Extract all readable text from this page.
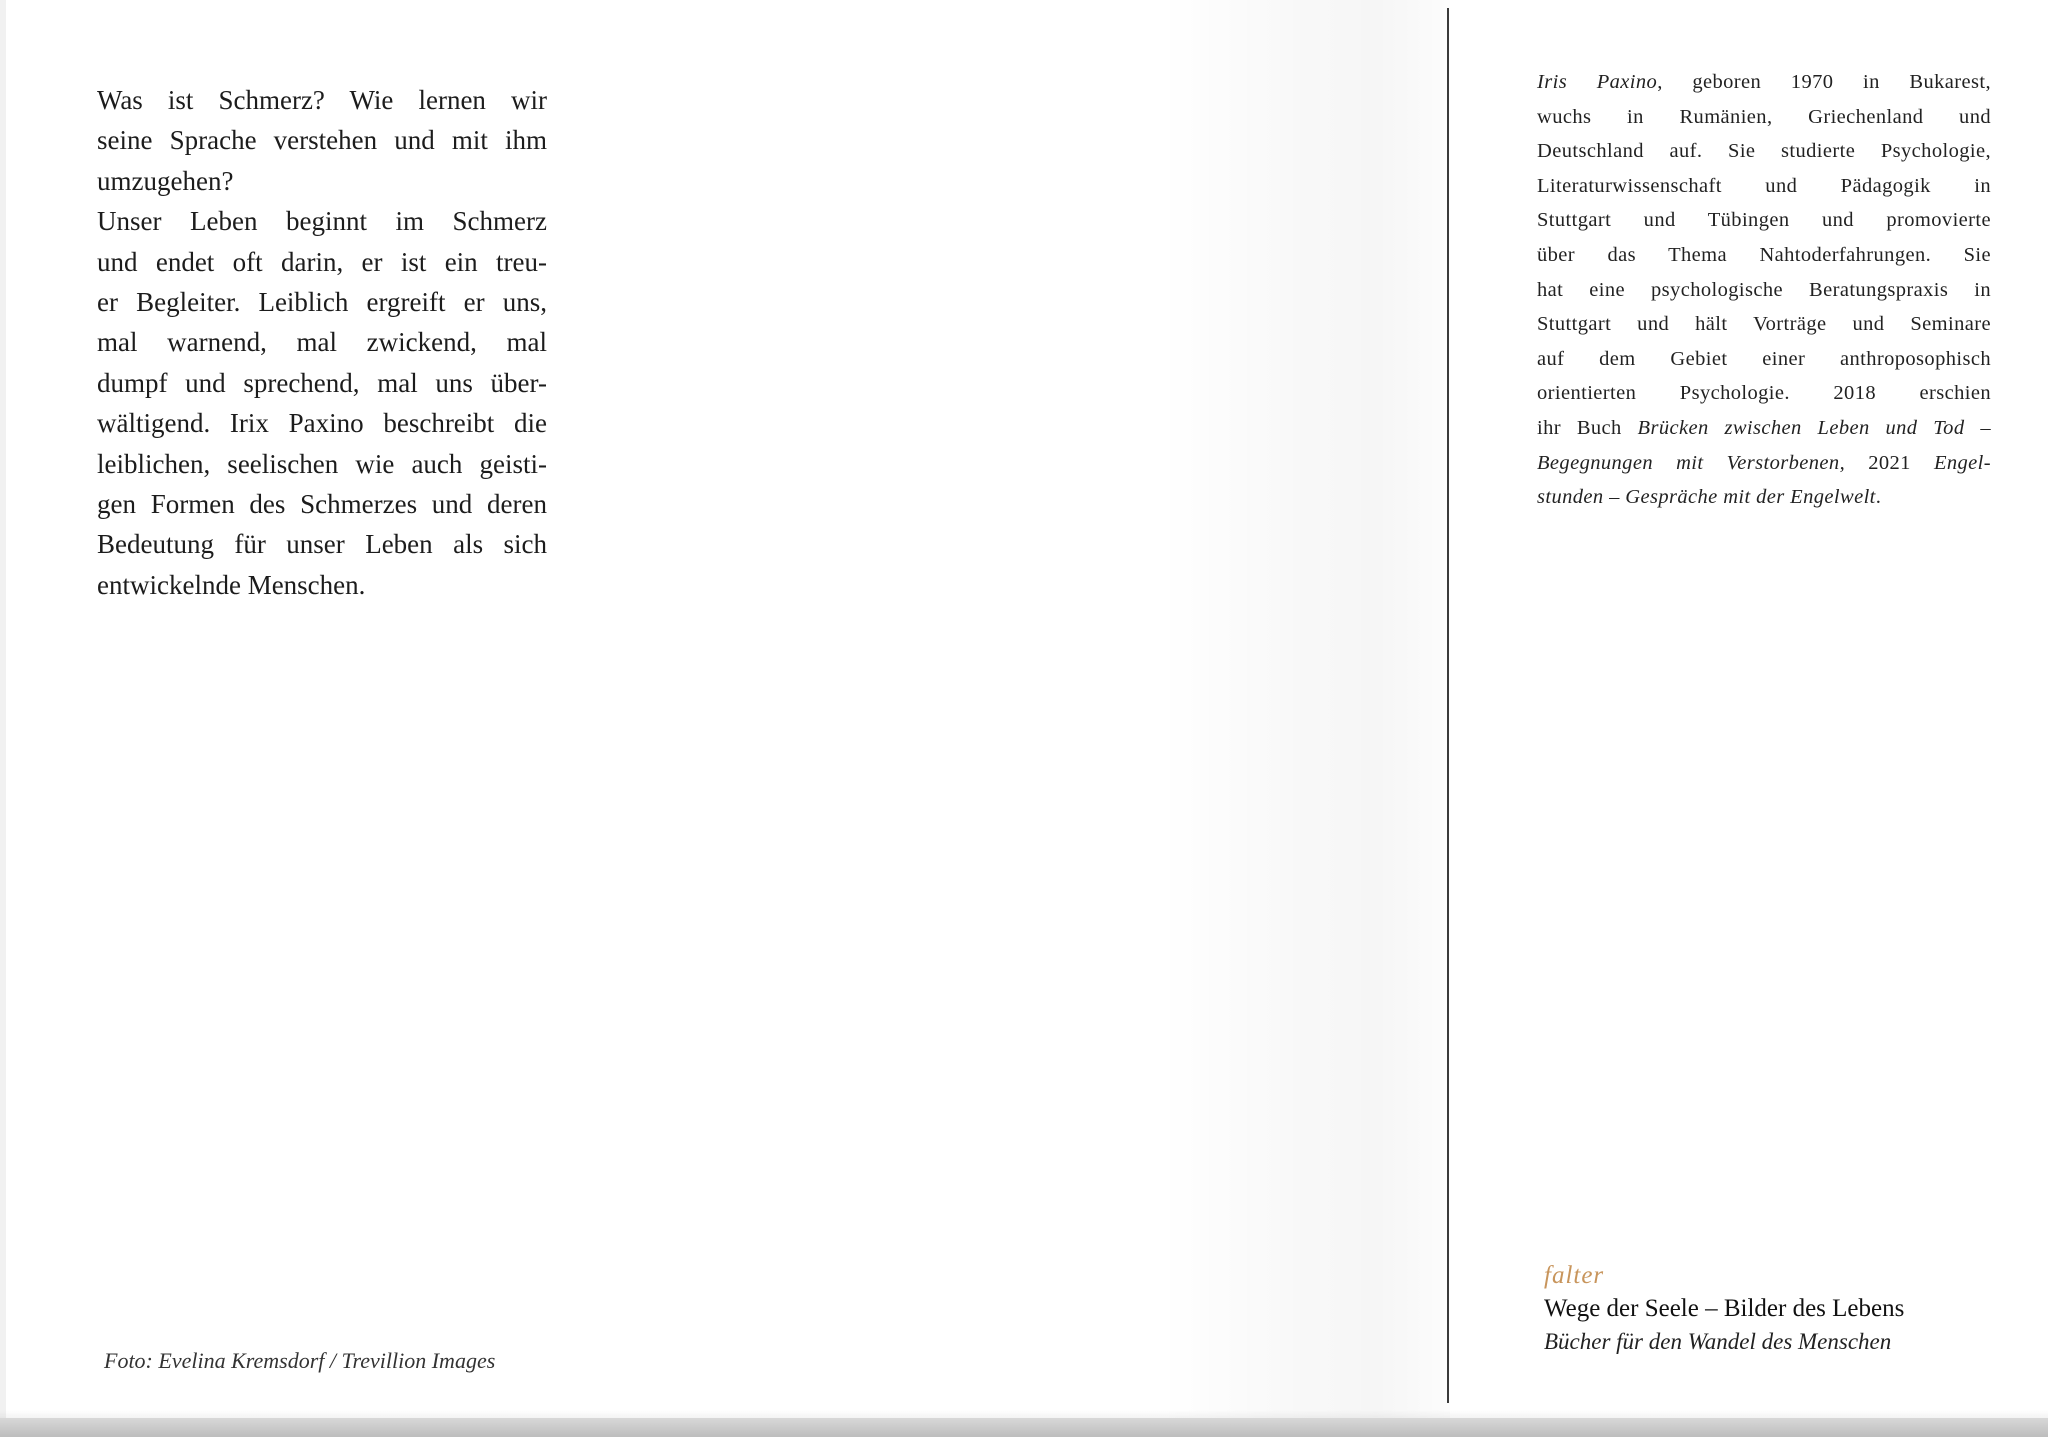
Was ist Schmerz? Wie lernen wir
seine Sprache verstehen und mit ihm
umzugehen?
Unser Leben beginnt im Schmerz
und endet oft darin, er ist ein treu-
er Begleiter. Leiblich ergreift er uns,
mal warnend, mal zwickend, mal
dumpf und sprechend, mal uns über-
wältigend. Irix Paxino beschreibt die
leiblichen, seelischen wie auch geisti-
gen Formen des Schmerzes und deren
Bedeutung für unser Leben als sich
entwickelnde Menschen.
Foto: Evelina Kremsdorf / Trevillion Images
Iris Paxino, geboren 1970 in Bukarest,
wuchs in Rumänien, Griechenland und
Deutschland auf. Sie studierte Psychologie,
Literaturwissenschaft und Pädagogik in
Stuttgart und Tübingen und promovierte
über das Thema Nahtoderfahrungen. Sie
hat eine psychologische Beratungspraxis in
Stuttgart und hält Vorträge und Seminare
auf dem Gebiet einer anthroposophisch
orientierten Psychologie. 2018 erschien
ihr Buch Brücken zwischen Leben und Tod –
Begegnungen mit Verstorbenen, 2021 Engel-
stunden – Gespräche mit der Engelwelt.
falter
Wege der Seele – Bilder des Lebens
Bücher für den Wandel des Menschen
